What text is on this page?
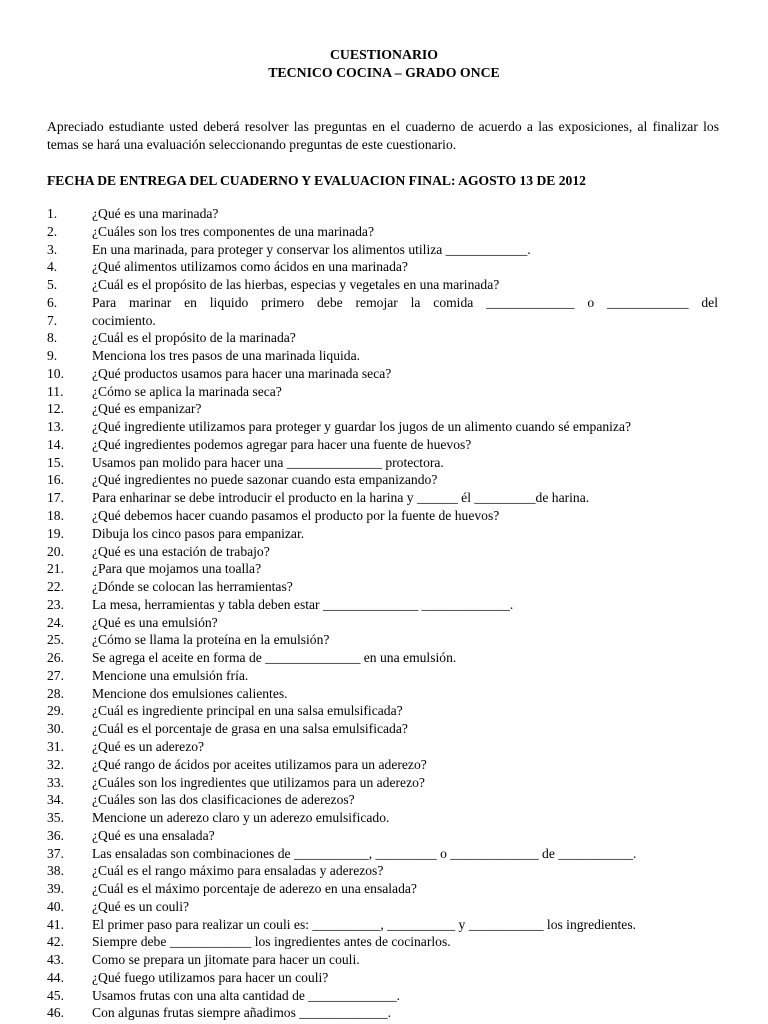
CUESTIONARIO
TECNICO COCINA – GRADO ONCE
Apreciado estudiante usted deberá resolver las preguntas en el cuaderno de acuerdo a las exposiciones, al finalizar los temas se hará una evaluación seleccionando preguntas de este cuestionario.
FECHA DE ENTREGA DEL CUADERNO Y EVALUACION FINAL: AGOSTO 13 DE 2012
1.	¿Qué es una marinada?
2.	¿Cuáles son los tres componentes de una marinada?
3.	En una marinada, para proteger y conservar los alimentos utiliza ____________.
4.	¿Qué alimentos utilizamos como ácidos en una marinada?
5.	¿Cuál es el propósito de las hierbas, especias y vegetales en una marinada?
6.	Para marinar en liquido primero debe remojar la comida _____________ o ____________ del
7.	cocimiento.
8.	¿Cuál es el propósito de la marinada?
9.	Menciona los tres pasos de una marinada liquida.
10. ¿Qué productos usamos para hacer una marinada seca?
11. ¿Cómo se aplica la marinada seca?
12. ¿Qué es empanizar?
13. ¿Qué ingrediente utilizamos para proteger y guardar los jugos de un alimento cuando sé empaniza?
14. ¿Qué ingredientes podemos agregar para hacer una fuente de huevos?
15. Usamos pan molido para hacer una ______________ protectora.
16. ¿Qué ingredientes no puede sazonar cuando esta empanizando?
17. Para enharinar se debe introducir el producto en la harina y ______ él _________de harina.
18. ¿Qué debemos hacer cuando pasamos el producto por la fuente de huevos?
19. Dibuja los cinco pasos para empanizar.
20. ¿Qué es una estación de trabajo?
21. ¿Para que mojamos una toalla?
22. ¿Dónde se colocan las herramientas?
23. La mesa, herramientas y tabla deben estar ______________ _____________.
24. ¿Qué es una emulsión?
25. ¿Cómo se llama la proteína en la emulsión?
26. Se agrega el aceite en forma de ______________ en una emulsión.
27. Mencione una emulsión fría.
28. Mencione dos emulsiones calientes.
29. ¿Cuál es ingrediente principal en una salsa emulsificada?
30. ¿Cuál es el porcentaje de grasa en una salsa emulsificada?
31. ¿Qué es un aderezo?
32. ¿Qué rango de ácidos por aceites utilizamos para un aderezo?
33. ¿Cuáles son los ingredientes que utilizamos para un aderezo?
34. ¿Cuáles son las dos clasificaciones de aderezos?
35. Mencione un aderezo claro y un aderezo emulsificado.
36. ¿Qué es una ensalada?
37. Las ensaladas son combinaciones de ___________, _________ o _____________ de ___________.
38. ¿Cuál es el rango máximo para ensaladas y aderezos?
39. ¿Cuál es el máximo porcentaje de aderezo en una ensalada?
40. ¿Qué es un couli?
41. El primer paso para realizar un couli es: __________, __________ y ___________ los ingredientes.
42. Siempre debe ____________ los ingredientes antes de cocinarlos.
43. Como se prepara un jitomate para hacer un couli.
44. ¿Qué fuego utilizamos para hacer un couli?
45. Usamos frutas con una alta cantidad de _____________.
46. Con algunas frutas siempre añadimos _____________.
